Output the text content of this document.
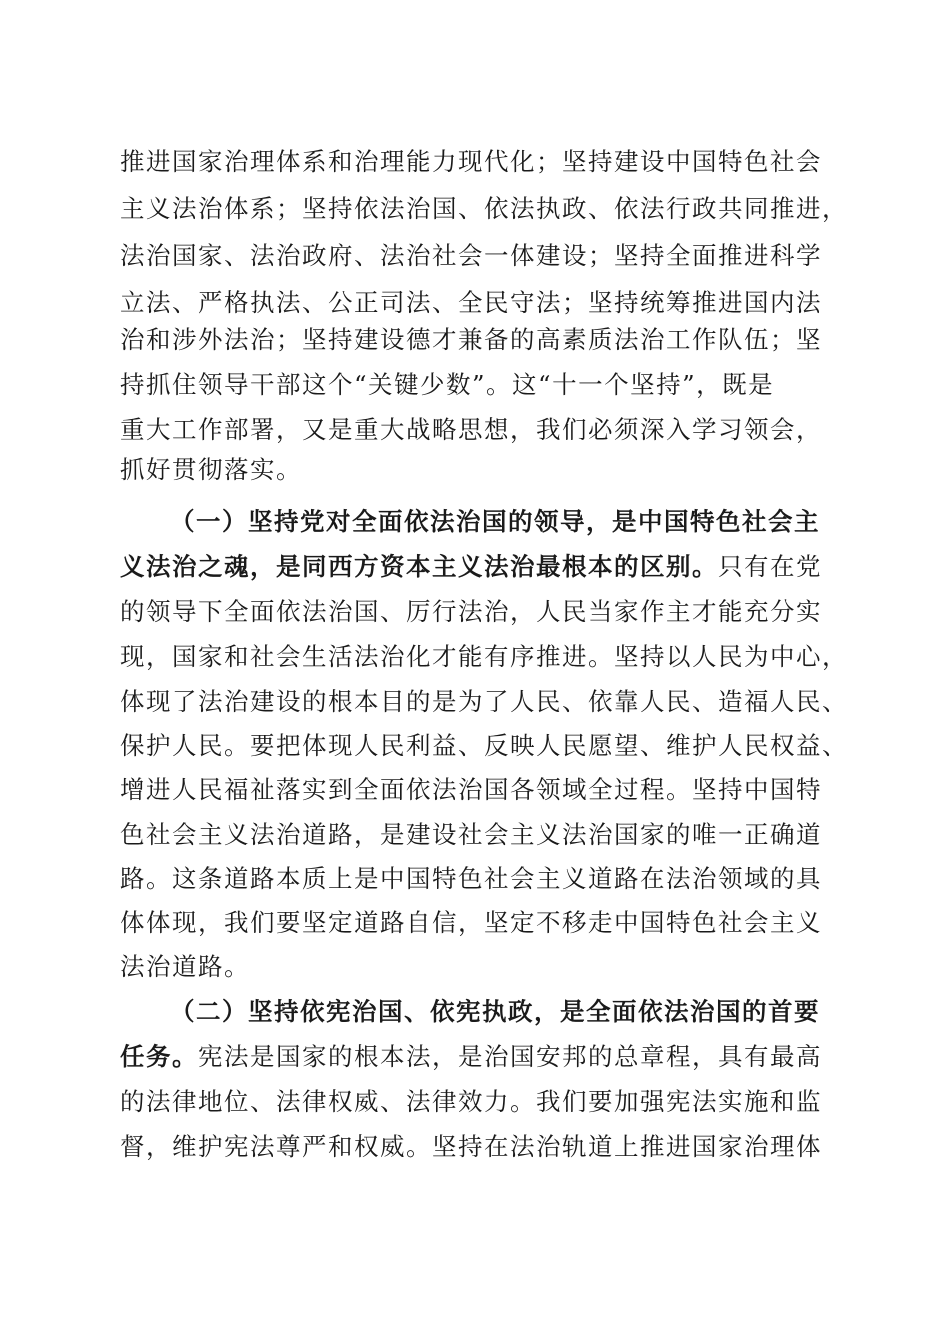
推进国家治理体系和治理能力现代化；坚持建设中国特色社会
主义法治体系；坚持依法治国、依法执政、依法行政共同推进，
法治国家、法治政府、法治社会一体建设；坚持全面推进科学
立法、严格执法、公正司法、全民守法；坚持统筹推进国内法
治和涉外法治；坚持建设德才兼备的高素质法治工作队伍；坚
持抓住领导干部这个“关键少数”。这“十一个坚持”，既是
重大工作部署，又是重大战略思想，我们必须深入学习领会，
抓好贯彻落实。
（一）坚持党对全面依法治国的领导，是中国特色社会主
义法治之魂，是同西方资本主义法治最根本的区别。只有在党
的领导下全面依法治国、厉行法治，人民当家作主才能充分实
现，国家和社会生活法治化才能有序推进。坚持以人民为中心，
体现了法治建设的根本目的是为了人民、依靠人民、造福人民、
保护人民。要把体现人民利益、反映人民愿望、维护人民权益、
增进人民福祉落实到全面依法治国各领域全过程。坚持中国特
色社会主义法治道路，是建设社会主义法治国家的唯一正确道
路。这条道路本质上是中国特色社会主义道路在法治领域的具
体体现，我们要坚定道路自信，坚定不移走中国特色社会主义
法治道路。
（二）坚持依宪治国、依宪执政，是全面依法治国的首要
任务。宪法是国家的根本法，是治国安邦的总章程，具有最高
的法律地位、法律权威、法律效力。我们要加强宪法实施和监
督，维护宪法尊严和权威。坚持在法治轨道上推进国家治理体
